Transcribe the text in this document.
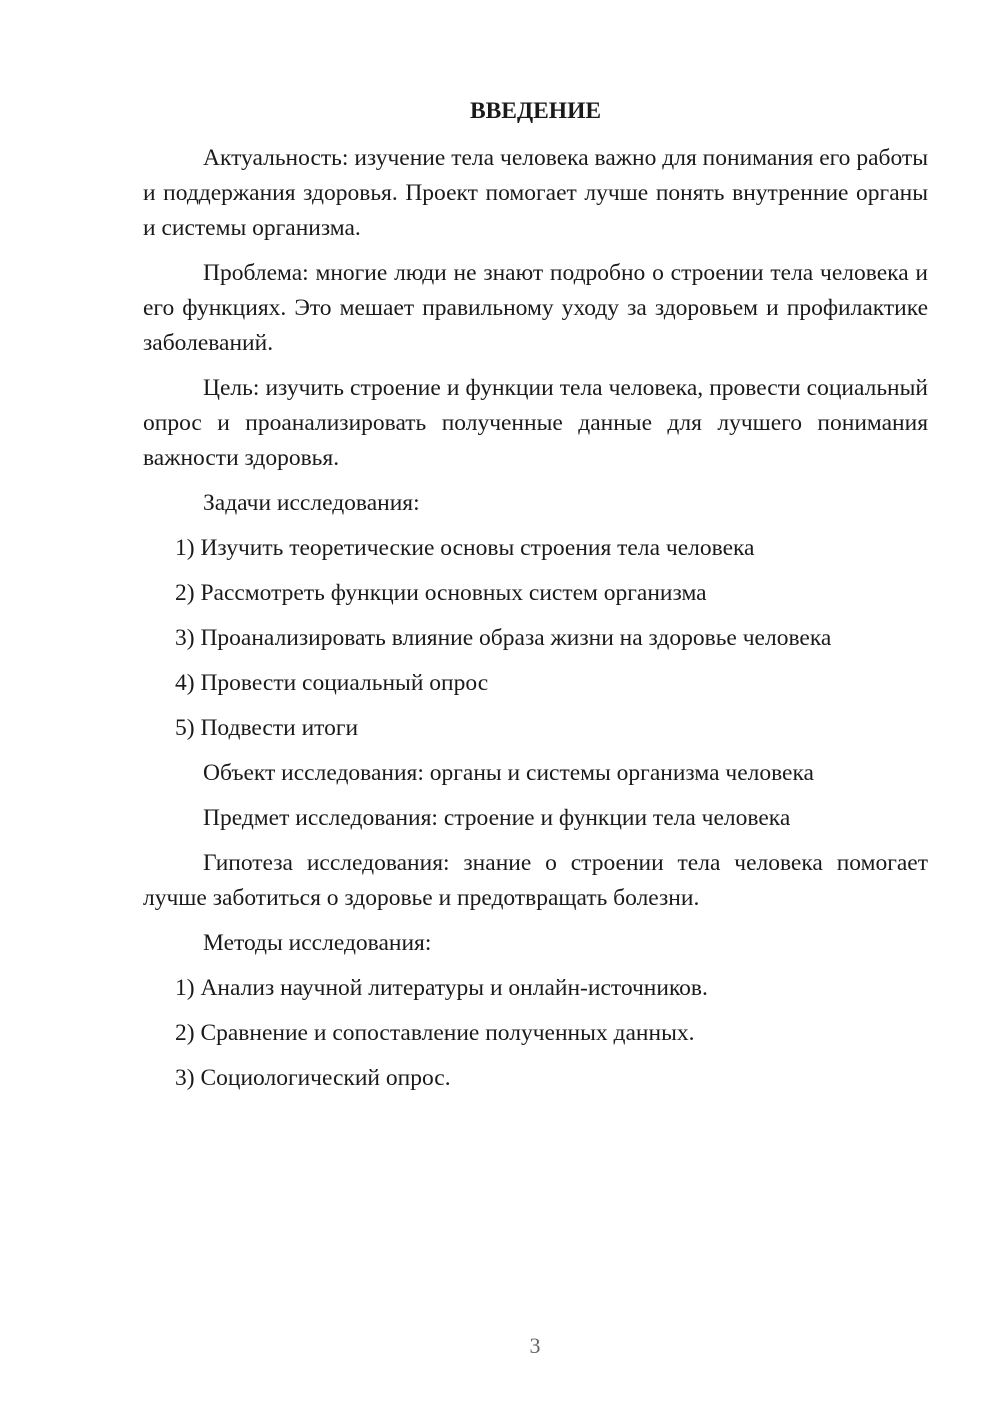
ВВЕДЕНИЕ

Актуальность: изучение тела человека важно для понимания его работы и поддержания здоровья. Проект помогает лучше понять внутренние органы и системы организма.

Проблема: многие люди не знают подробно о строении тела человека и его функциях. Это мешает правильному уходу за здоровьем и профилактике заболеваний.

Цель: изучить строение и функции тела человека, провести социальный опрос и проанализировать полученные данные для лучшего понимания важности здоровья.

Задачи исследования:
1) Изучить теоретические основы строения тела человека
2) Рассмотреть функции основных систем организма
3) Проанализировать влияние образа жизни на здоровье человека
4) Провести социальный опрос
5) Подвести итоги
Объект исследования: органы и системы организма человека
Предмет исследования: строение и функции тела человека

Гипотеза исследования: знание о строении тела человека помогает лучше заботиться о здоровье и предотвращать болезни.

Методы исследования:
1) Анализ научной литературы и онлайн-источников.
2) Сравнение и сопоставление полученных данных.
3) Социологический опрос.
3
